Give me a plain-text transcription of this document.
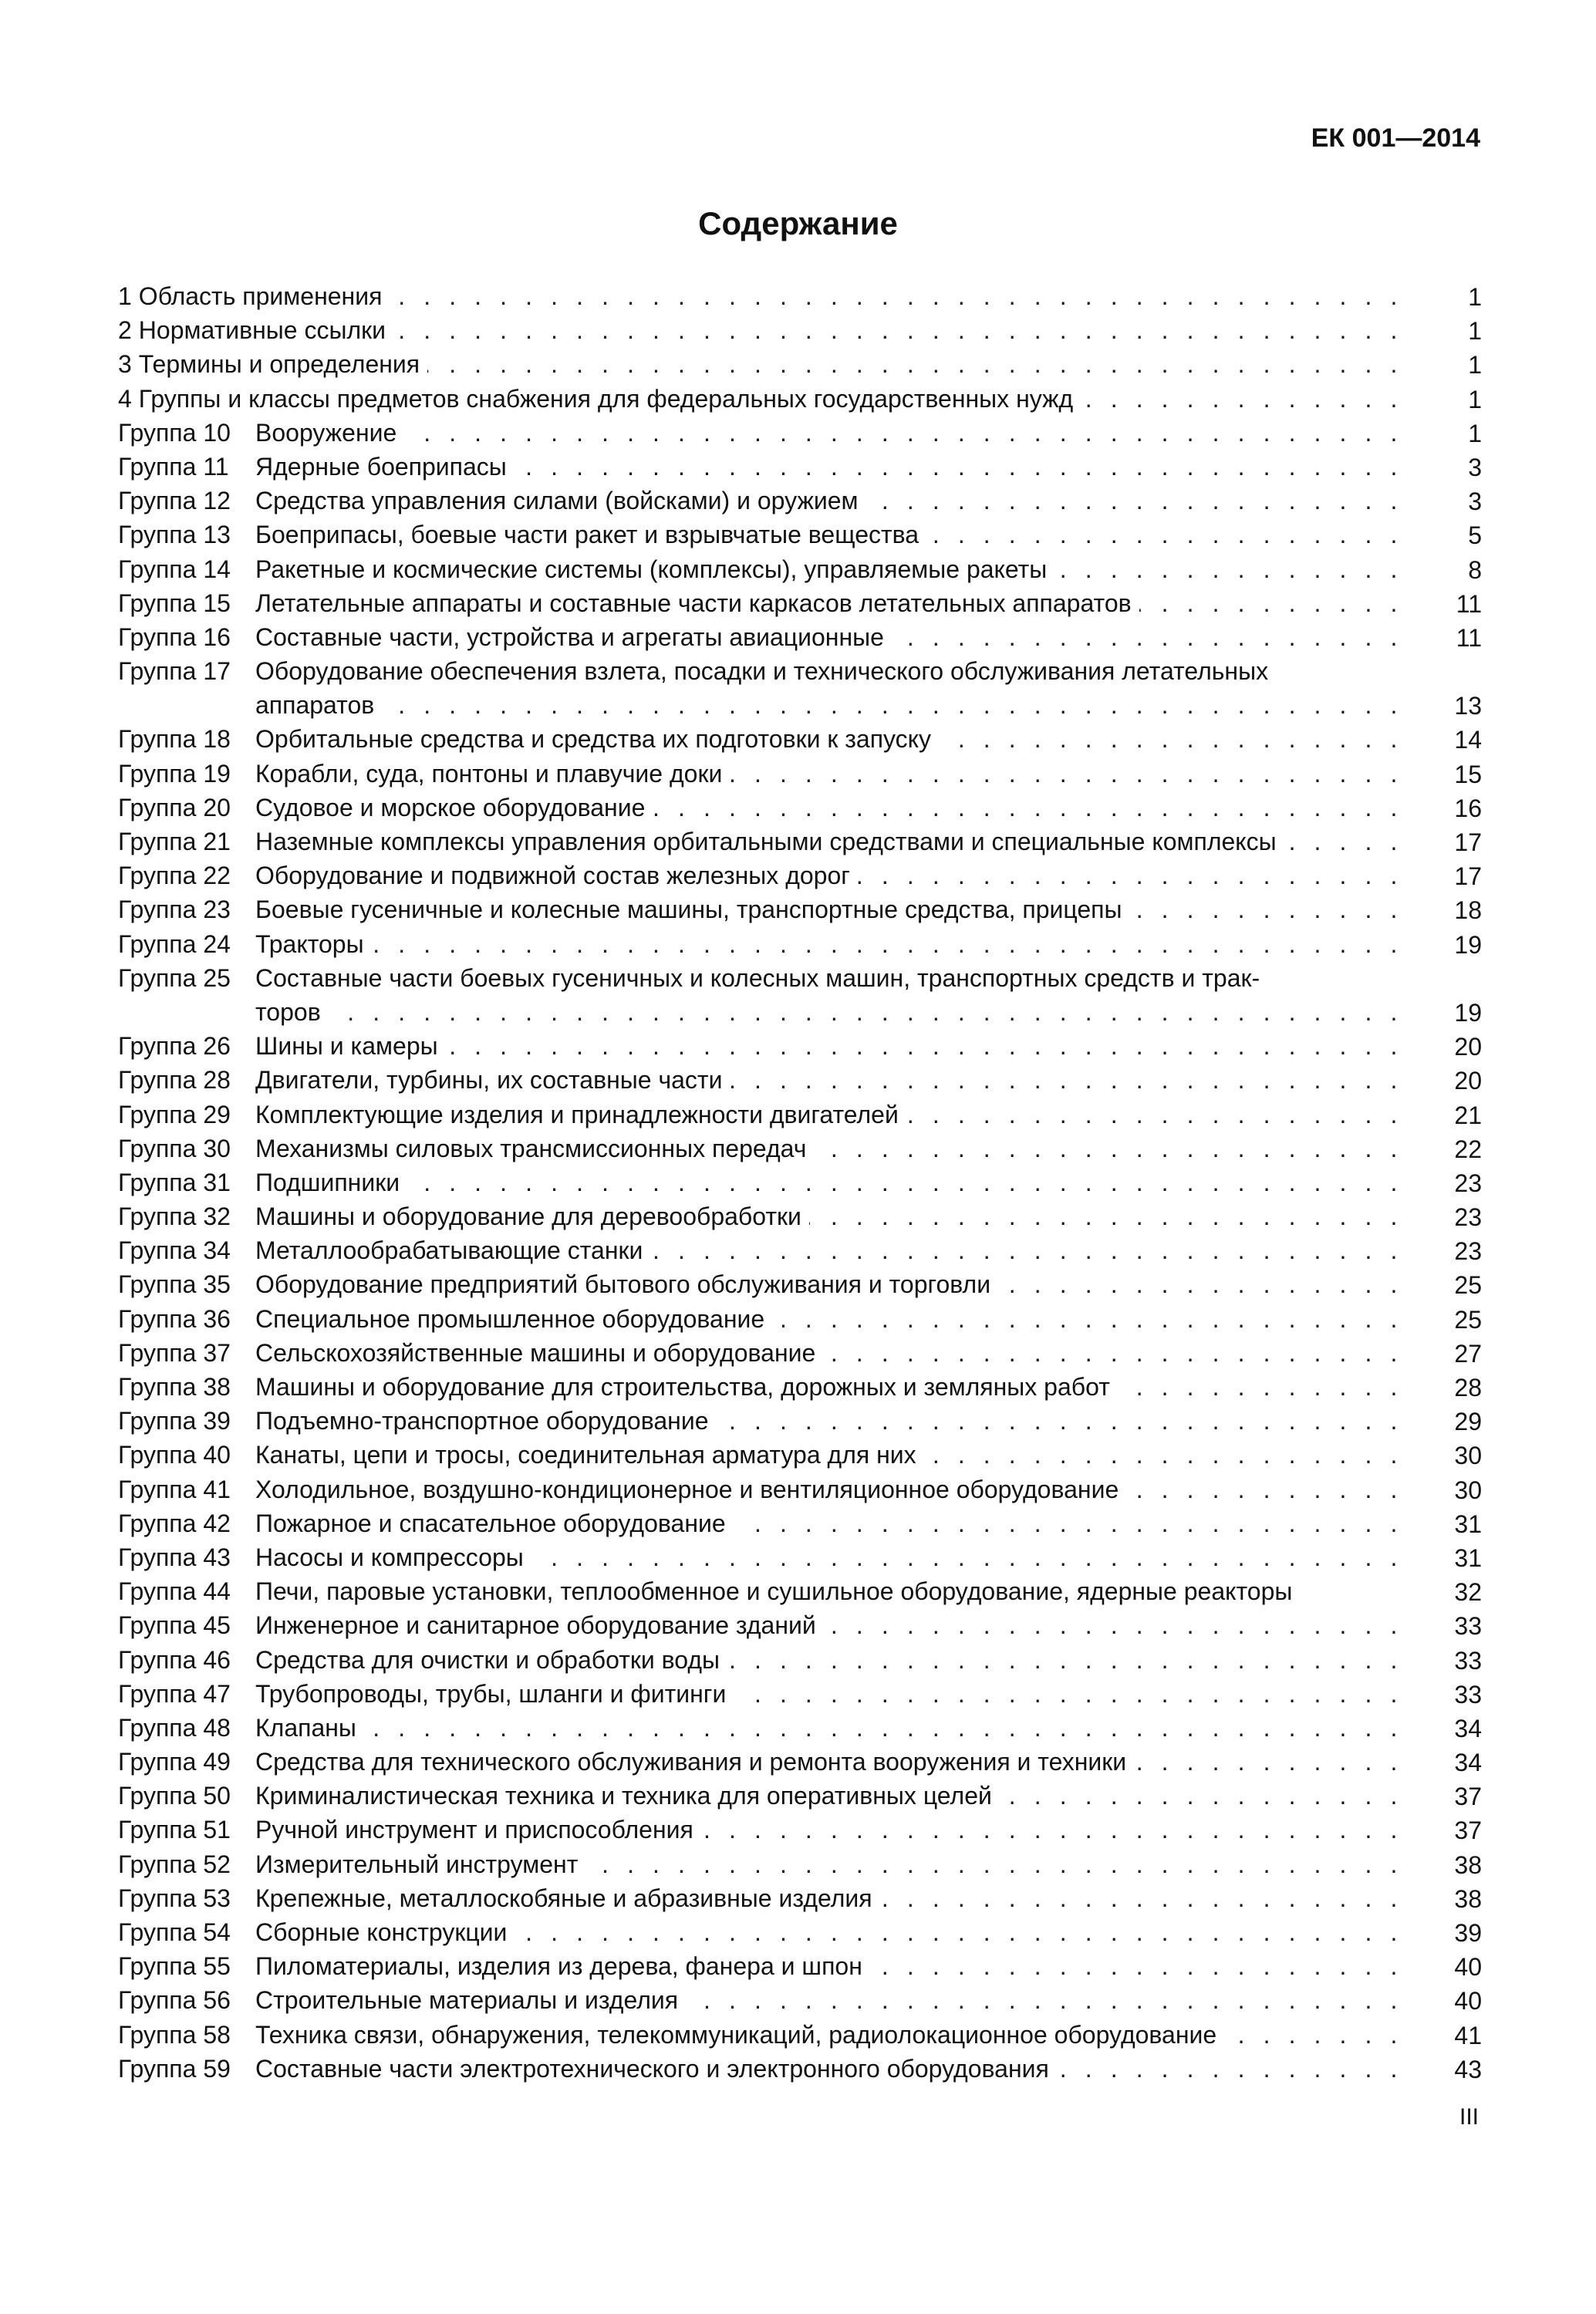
ЕК 001—2014
Содержание
1 Область применения . . .	1
2 Нормативные ссылки . . .	1
3 Термины и определения . . .	1
4 Группы и классы предметов снабжения для федеральных государственных нужд . . .	1
Группа 10	Вооружение . . .	1
Группа 11	Ядерные боеприпасы . . .	3
Группа 12	Средства управления силами (войсками) и оружием . . .	3
Группа 13	Боеприпасы, боевые части ракет и взрывчатые вещества . . .	5
Группа 14	Ракетные и космические системы (комплексы), управляемые ракеты . . .	8
Группа 15	Летательные аппараты и составные части каркасов летательных аппаратов . . .	11
Группа 16	Составные части, устройства и агрегаты авиационные . . .	11
Группа 17	Оборудование обеспечения взлета, посадки и технического обслуживания летательных
аппаратов . . .	13
Группа 18	Орбитальные средства и средства их подготовки к запуску . . .	14
Группа 19	Корабли, суда, понтоны и плавучие доки . . .	15
Группа 20	Судовое и морское оборудование . . .	16
Группа 21	Наземные комплексы управления орбитальными средствами и специальные комплексы . . .	17
Группа 22	Оборудование и подвижной состав железных дорог . . .	17
Группа 23	Боевые гусеничные и колесные машины, транспортные средства, прицепы . . .	18
Группа 24	Тракторы . . .	19
Группа 25	Составные части боевых гусеничных и колесных машин, транспортных средств и трак-
торов . . .	19
Группа 26	Шины и камеры . . .	20
Группа 28	Двигатели, турбины, их составные части . . .	20
Группа 29	Комплектующие изделия и принадлежности двигателей . . .	21
Группа 30	Механизмы силовых трансмиссионных передач . . .	22
Группа 31	Подшипники . . .	23
Группа 32	Машины и оборудование для деревообработки . . .	23
Группа 34	Металлообрабатывающие станки . . .	23
Группа 35	Оборудование предприятий бытового обслуживания и торговли . . .	25
Группа 36	Специальное промышленное оборудование . . .	25
Группа 37	Сельскохозяйственные машины и оборудование . . .	27
Группа 38	Машины и оборудование для строительства, дорожных и земляных работ . . .	28
Группа 39	Подъемно-транспортное оборудование . . .	29
Группа 40	Канаты, цепи и тросы, соединительная арматура для них . . .	30
Группа 41	Холодильное, воздушно-кондиционерное и вентиляционное оборудование . . .	30
Группа 42	Пожарное и спасательное оборудование . . .	31
Группа 43	Насосы и компрессоры . . .	31
Группа 44	Печи, паровые установки, теплообменное и сушильное оборудование, ядерные реакторы	32
Группа 45	Инженерное и санитарное оборудование зданий . . .	33
Группа 46	Средства для очистки и обработки воды . . .	33
Группа 47	Трубопроводы, трубы, шланги и фитинги . . .	33
Группа 48	Клапаны . . .	34
Группа 49	Средства для технического обслуживания и ремонта вооружения и техники . . .	34
Группа 50	Криминалистическая техника и техника для оперативных целей . . .	37
Группа 51	Ручной инструмент и приспособления . . .	37
Группа 52	Измерительный инструмент . . .	38
Группа 53	Крепежные, металлоскобяные и абразивные изделия . . .	38
Группа 54	Сборные конструкции . . .	39
Группа 55	Пиломатериалы, изделия из дерева, фанера и шпон . . .	40
Группа 56	Строительные материалы и изделия . . .	40
Группа 58	Техника связи, обнаружения, телекоммуникаций, радиолокационное оборудование . . .	41
Группа 59	Составные части электротехнического и электронного оборудования . . .	43
III
